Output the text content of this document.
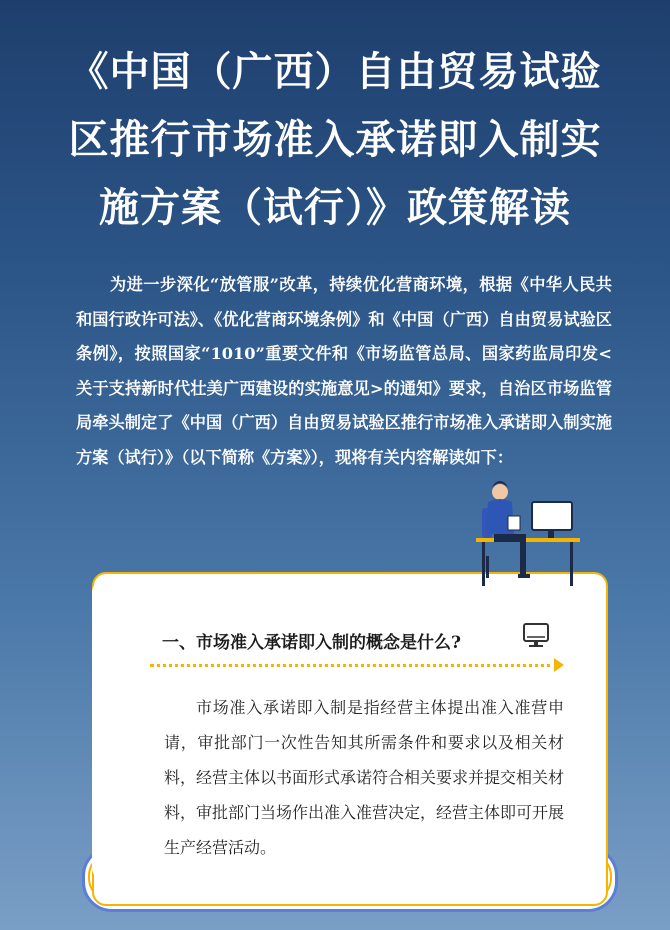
《中国（广西）自由贸易试验
区推行市场准入承诺即入制实
施方案（试行）》政策解读
为进一步深化“放管服”改革，持续优化营商环境，根据《中华人民共和国行政许可法》、《优化营商环境条例》和《中国（广西）自由贸易试验区条例》，按照国家“1010”重要文件和《市场监管总局、国家药监局印发<关于支持新时代壮美广西建设的实施意见>的通知》要求，自治区市场监管局牵头制定了《中国（广西）自由贸易试验区推行市场准入承诺即入制实施方案（试行）》（以下简称《方案》），现将有关内容解读如下：
一、市场准入承诺即入制的概念是什么?
市场准入承诺即入制是指经营主体提出准入准营申请，审批部门一次性告知其所需条件和要求以及相关材料，经营主体以书面形式承诺符合相关要求并提交相关材料，审批部门当场作出准入准营决定，经营主体即可开展生产经营活动。
